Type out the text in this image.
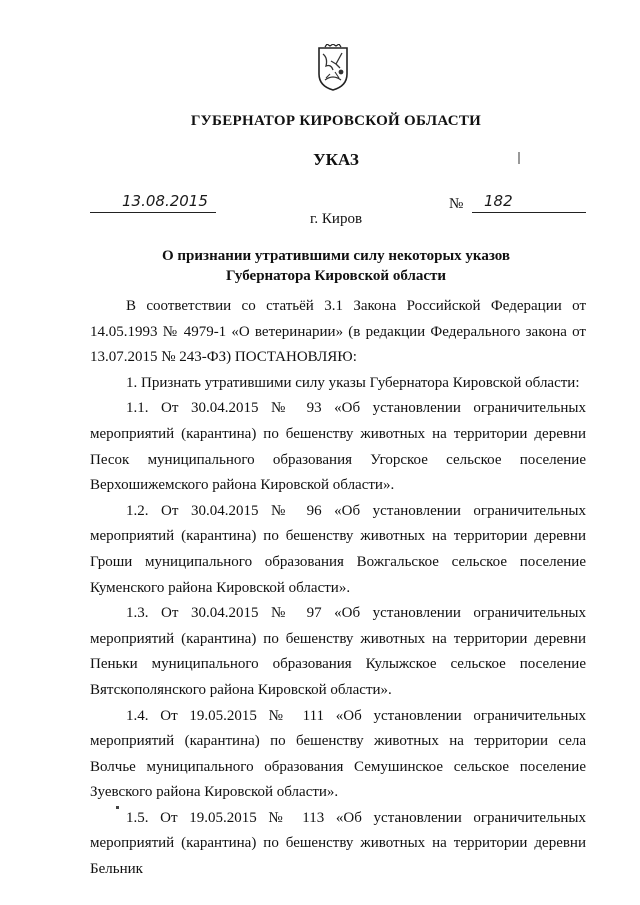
ГУБЕРНАТОР КИРОВСКОЙ ОБЛАСТИ
УКАЗ
13.08.2015	№ 182
г. Киров
О признании утратившими силу некоторых указов
Губернатора Кировской области

В соответствии со статьёй 3.1 Закона Российской Федерации от 14.05.1993 № 4979-1 «О ветеринарии» (в редакции Федерального закона от 13.07.2015 № 243-ФЗ) ПОСТАНОВЛЯЮ:

1. Признать утратившими силу указы Губернатора Кировской области:

1.1. От 30.04.2015 № 93 «Об установлении ограничительных мероприятий (карантина) по бешенству животных на территории деревни Песок муниципального образования Угорское сельское поселение Верхошижемского района Кировской области».

1.2. От 30.04.2015 № 96 «Об установлении ограничительных мероприятий (карантина) по бешенству животных на территории деревни Гроши муниципального образования Вожгальское сельское поселение Куменского района Кировской области».

1.3. От 30.04.2015 № 97 «Об установлении ограничительных мероприятий (карантина) по бешенству животных на территории деревни Пеньки муниципального образования Кулыжское сельское поселение Вятскополянского района Кировской области».

1.4. От 19.05.2015 № 111 «Об установлении ограничительных мероприятий (карантина) по бешенству животных на территории села Волчье муниципального образования Семушинское сельское поселение Зуевского района Кировской области».

1.5. От 19.05.2015 № 113 «Об установлении ограничительных мероприятий (карантина) по бешенству животных на территории деревни Бельник
